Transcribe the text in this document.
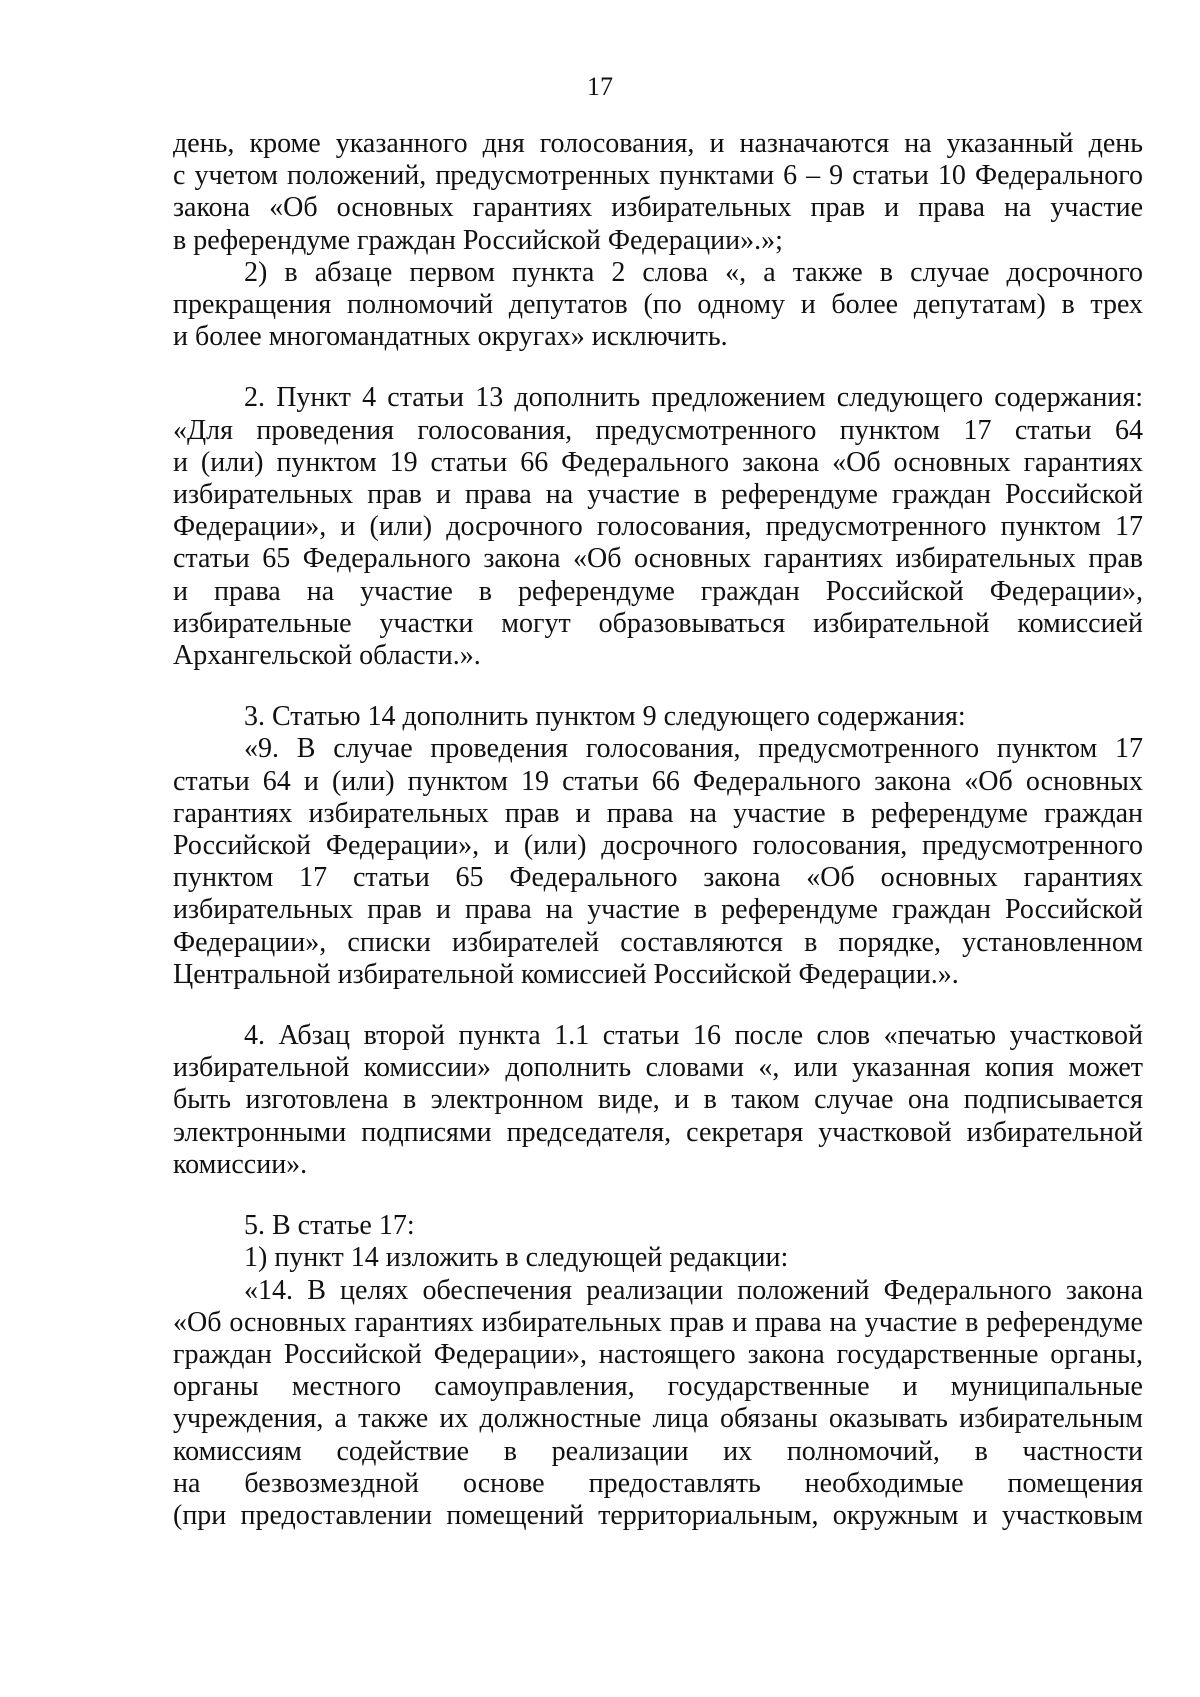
17

день, кроме указанного дня голосования, и назначаются на указанный день

с учетом положений, предусмотренных пунктами 6 – 9 статьи 10 Федерального

закона «Об основных гарантиях избирательных прав и права на участие

в референдуме граждан Российской Федерации».»;

2) в абзаце первом пункта 2 слова «, а также в случае досрочного

прекращения полномочий депутатов (по одному и более депутатам) в трех

и более многомандатных округах» исключить.

2. Пункт 4 статьи 13 дополнить предложением следующего содержания:

«Для проведения голосования, предусмотренного пунктом 17 статьи 64

и (или) пунктом 19 статьи 66 Федерального закона «Об основных гарантиях

избирательных прав и права на участие в референдуме граждан Российской

Федерации», и (или) досрочного голосования, предусмотренного пунктом 17

статьи 65 Федерального закона «Об основных гарантиях избирательных прав

и права на участие в референдуме граждан Российской Федерации»,

избирательные участки могут образовываться избирательной комиссией

Архангельской области.».

3. Статью 14 дополнить пунктом 9 следующего содержания:

«9. В случае проведения голосования, предусмотренного пунктом 17

статьи 64 и (или) пунктом 19 статьи 66 Федерального закона «Об основных

гарантиях избирательных прав и права на участие в референдуме граждан

Российской Федерации», и (или) досрочного голосования, предусмотренного

пунктом 17 статьи 65 Федерального закона «Об основных гарантиях

избирательных прав и права на участие в референдуме граждан Российской

Федерации», списки избирателей составляются в порядке, установленном

Центральной избирательной комиссией Российской Федерации.».

4. Абзац второй пункта 1.1 статьи 16 после слов «печатью участковой

избирательной комиссии» дополнить словами «, или указанная копия может

быть изготовлена в электронном виде, и в таком случае она подписывается

электронными подписями председателя, секретаря участковой избирательной

комиссии».

5. В статье 17:

1) пункт 14 изложить в следующей редакции:

«14. В целях обеспечения реализации положений Федерального закона

«Об основных гарантиях избирательных прав и права на участие в референдуме

граждан Российской Федерации», настоящего закона государственные органы,

органы местного самоуправления, государственные и муниципальные

учреждения, а также их должностные лица обязаны оказывать избирательным

комиссиям содействие в реализации их полномочий, в частности

на безвозмездной основе предоставлять необходимые помещения

(при предоставлении помещений территориальным, окружным и участковым
